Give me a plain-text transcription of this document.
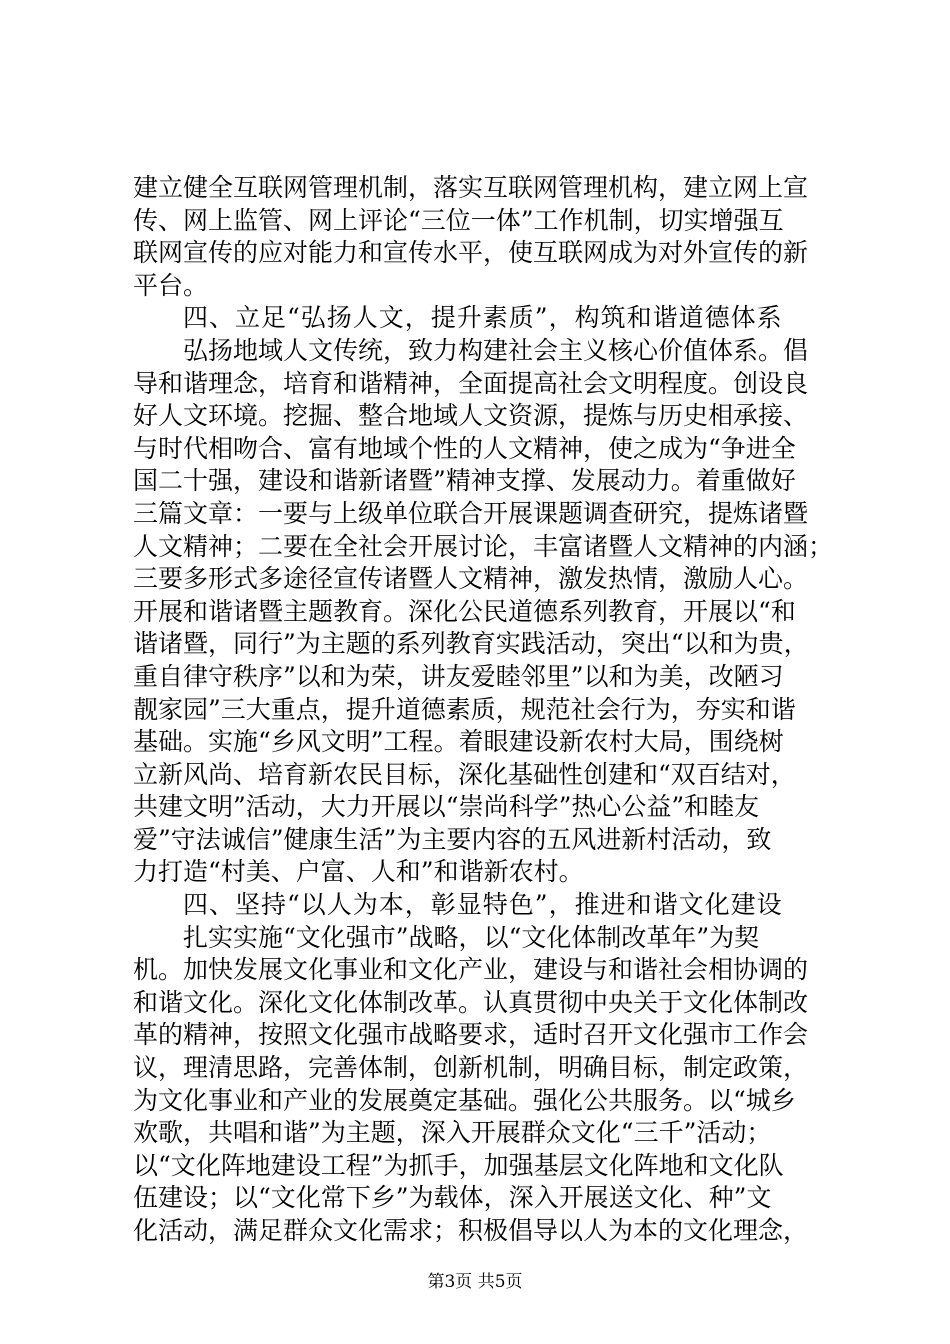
建立健全互联网管理机制，落实互联网管理机构，建立网上宣
传、网上监管、网上评论“三位一体”工作机制，切实增强互
联网宣传的应对能力和宣传水平，使互联网成为对外宣传的新
平台。
四、立足“弘扬人文，提升素质”，构筑和谐道德体系
弘扬地域人文传统，致力构建社会主义核心价值体系。倡
导和谐理念，培育和谐精神，全面提高社会文明程度。创设良
好人文环境。挖掘、整合地域人文资源，提炼与历史相承接、
与时代相吻合、富有地域个性的人文精神，使之成为“争进全
国二十强，建设和谐新诸暨”精神支撑、发展动力。着重做好
三篇文章：一要与上级单位联合开展课题调查研究，提炼诸暨
人文精神；二要在全社会开展讨论，丰富诸暨人文精神的内涵；
三要多形式多途径宣传诸暨人文精神，激发热情，激励人心。
开展和谐诸暨主题教育。深化公民道德系列教育，开展以“和
谐诸暨，同行”为主题的系列教育实践活动，突出“以和为贵，
重自律守秩序”以和为荣，讲友爱睦邻里”以和为美，改陋习
靓家园”三大重点，提升道德素质，规范社会行为，夯实和谐
基础。实施“乡风文明”工程。着眼建设新农村大局，围绕树
立新风尚、培育新农民目标，深化基础性创建和“双百结对，
共建文明”活动，大力开展以“崇尚科学”热心公益”和睦友
爱”守法诚信”健康生活”为主要内容的五风进新村活动，致
力打造“村美、户富、人和”和谐新农村。
四、坚持“以人为本，彰显特色”，推进和谐文化建设
扎实实施“文化强市”战略，以“文化体制改革年”为契
机。加快发展文化事业和文化产业，建设与和谐社会相协调的
和谐文化。深化文化体制改革。认真贯彻中央关于文化体制改
革的精神，按照文化强市战略要求，适时召开文化强市工作会
议，理清思路，完善体制，创新机制，明确目标，制定政策，
为文化事业和产业的发展奠定基础。强化公共服务。以“城乡
欢歌，共唱和谐”为主题，深入开展群众文化“三千”活动；
以“文化阵地建设工程”为抓手，加强基层文化阵地和文化队
伍建设；以“文化常下乡”为载体，深入开展送文化、种”文
化活动，满足群众文化需求；积极倡导以人为本的文化理念，
第3页 共5页
